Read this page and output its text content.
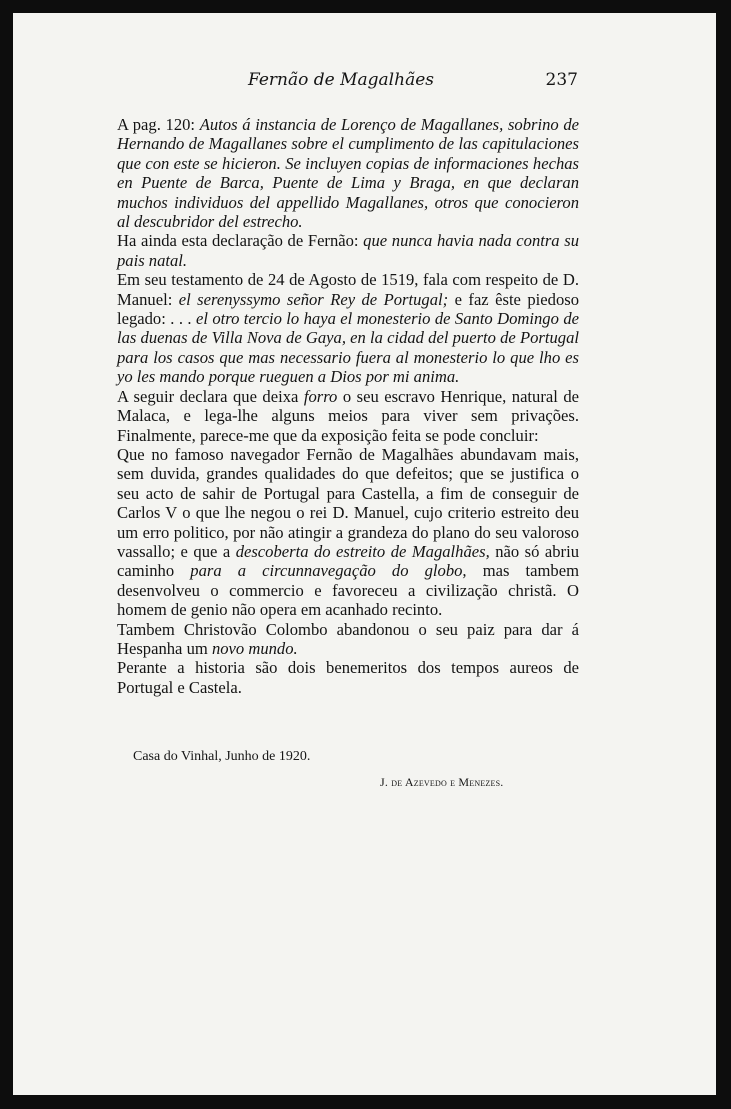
Fernão de Magalhães	237

A pag. 120: Autos á instancia de Lorenço de Magallanes, sobrino de Hernando de Magallanes sobre el cumplimento de las capitulaciones que con este se hicieron. Se incluyen copias de informaciones hechas en Puente de Barca, Puente de Lima y Braga, en que declaran muchos individuos del appellido Magallanes, otros que conocieron al descubridor del estrecho.

Ha ainda esta declaração de Fernão: que nunca havia nada contra su pais natal.

Em seu testamento de 24 de Agosto de 1519, fala com respeito de D. Manuel: el serenyssymo señor Rey de Portugal; e faz êste piedoso legado: . . . el otro tercio lo haya el monesterio de Santo Domingo de las duenas de Villa Nova de Gaya, en la cidad del puerto de Portugal para los casos que mas necessario fuera al monesterio lo que lho es yo les mando porque rueguen a Dios por mi anima.

A seguir declara que deixa forro o seu escravo Henrique, natural de Malaca, e lega-lhe alguns meios para viver sem privações. Finalmente, parece-me que da exposição feita se pode concluir:

Que no famoso navegador Fernão de Magalhães abundavam mais, sem duvida, grandes qualidades do que defeitos; que se justifica o seu acto de sahir de Portugal para Castella, a fim de conseguir de Carlos V o que lhe negou o rei D. Manuel, cujo criterio estreito deu um erro politico, por não atingir a grandeza do plano do seu valoroso vassallo; e que a descoberta do estreito de Magalhães, não só abriu caminho para a circunnavegação do globo, mas tambem desenvolveu o commercio e favoreceu a civilização christã. O homem de genio não opera em acanhado recinto.

Tambem Christovão Colombo abandonou o seu paiz para dar á Hespanha um novo mundo.

Perante a historia são dois benemeritos dos tempos aureos de Portugal e Castela.

Casa do Vinhal, Junho de 1920.
J. de Azevedo e Menezes.
